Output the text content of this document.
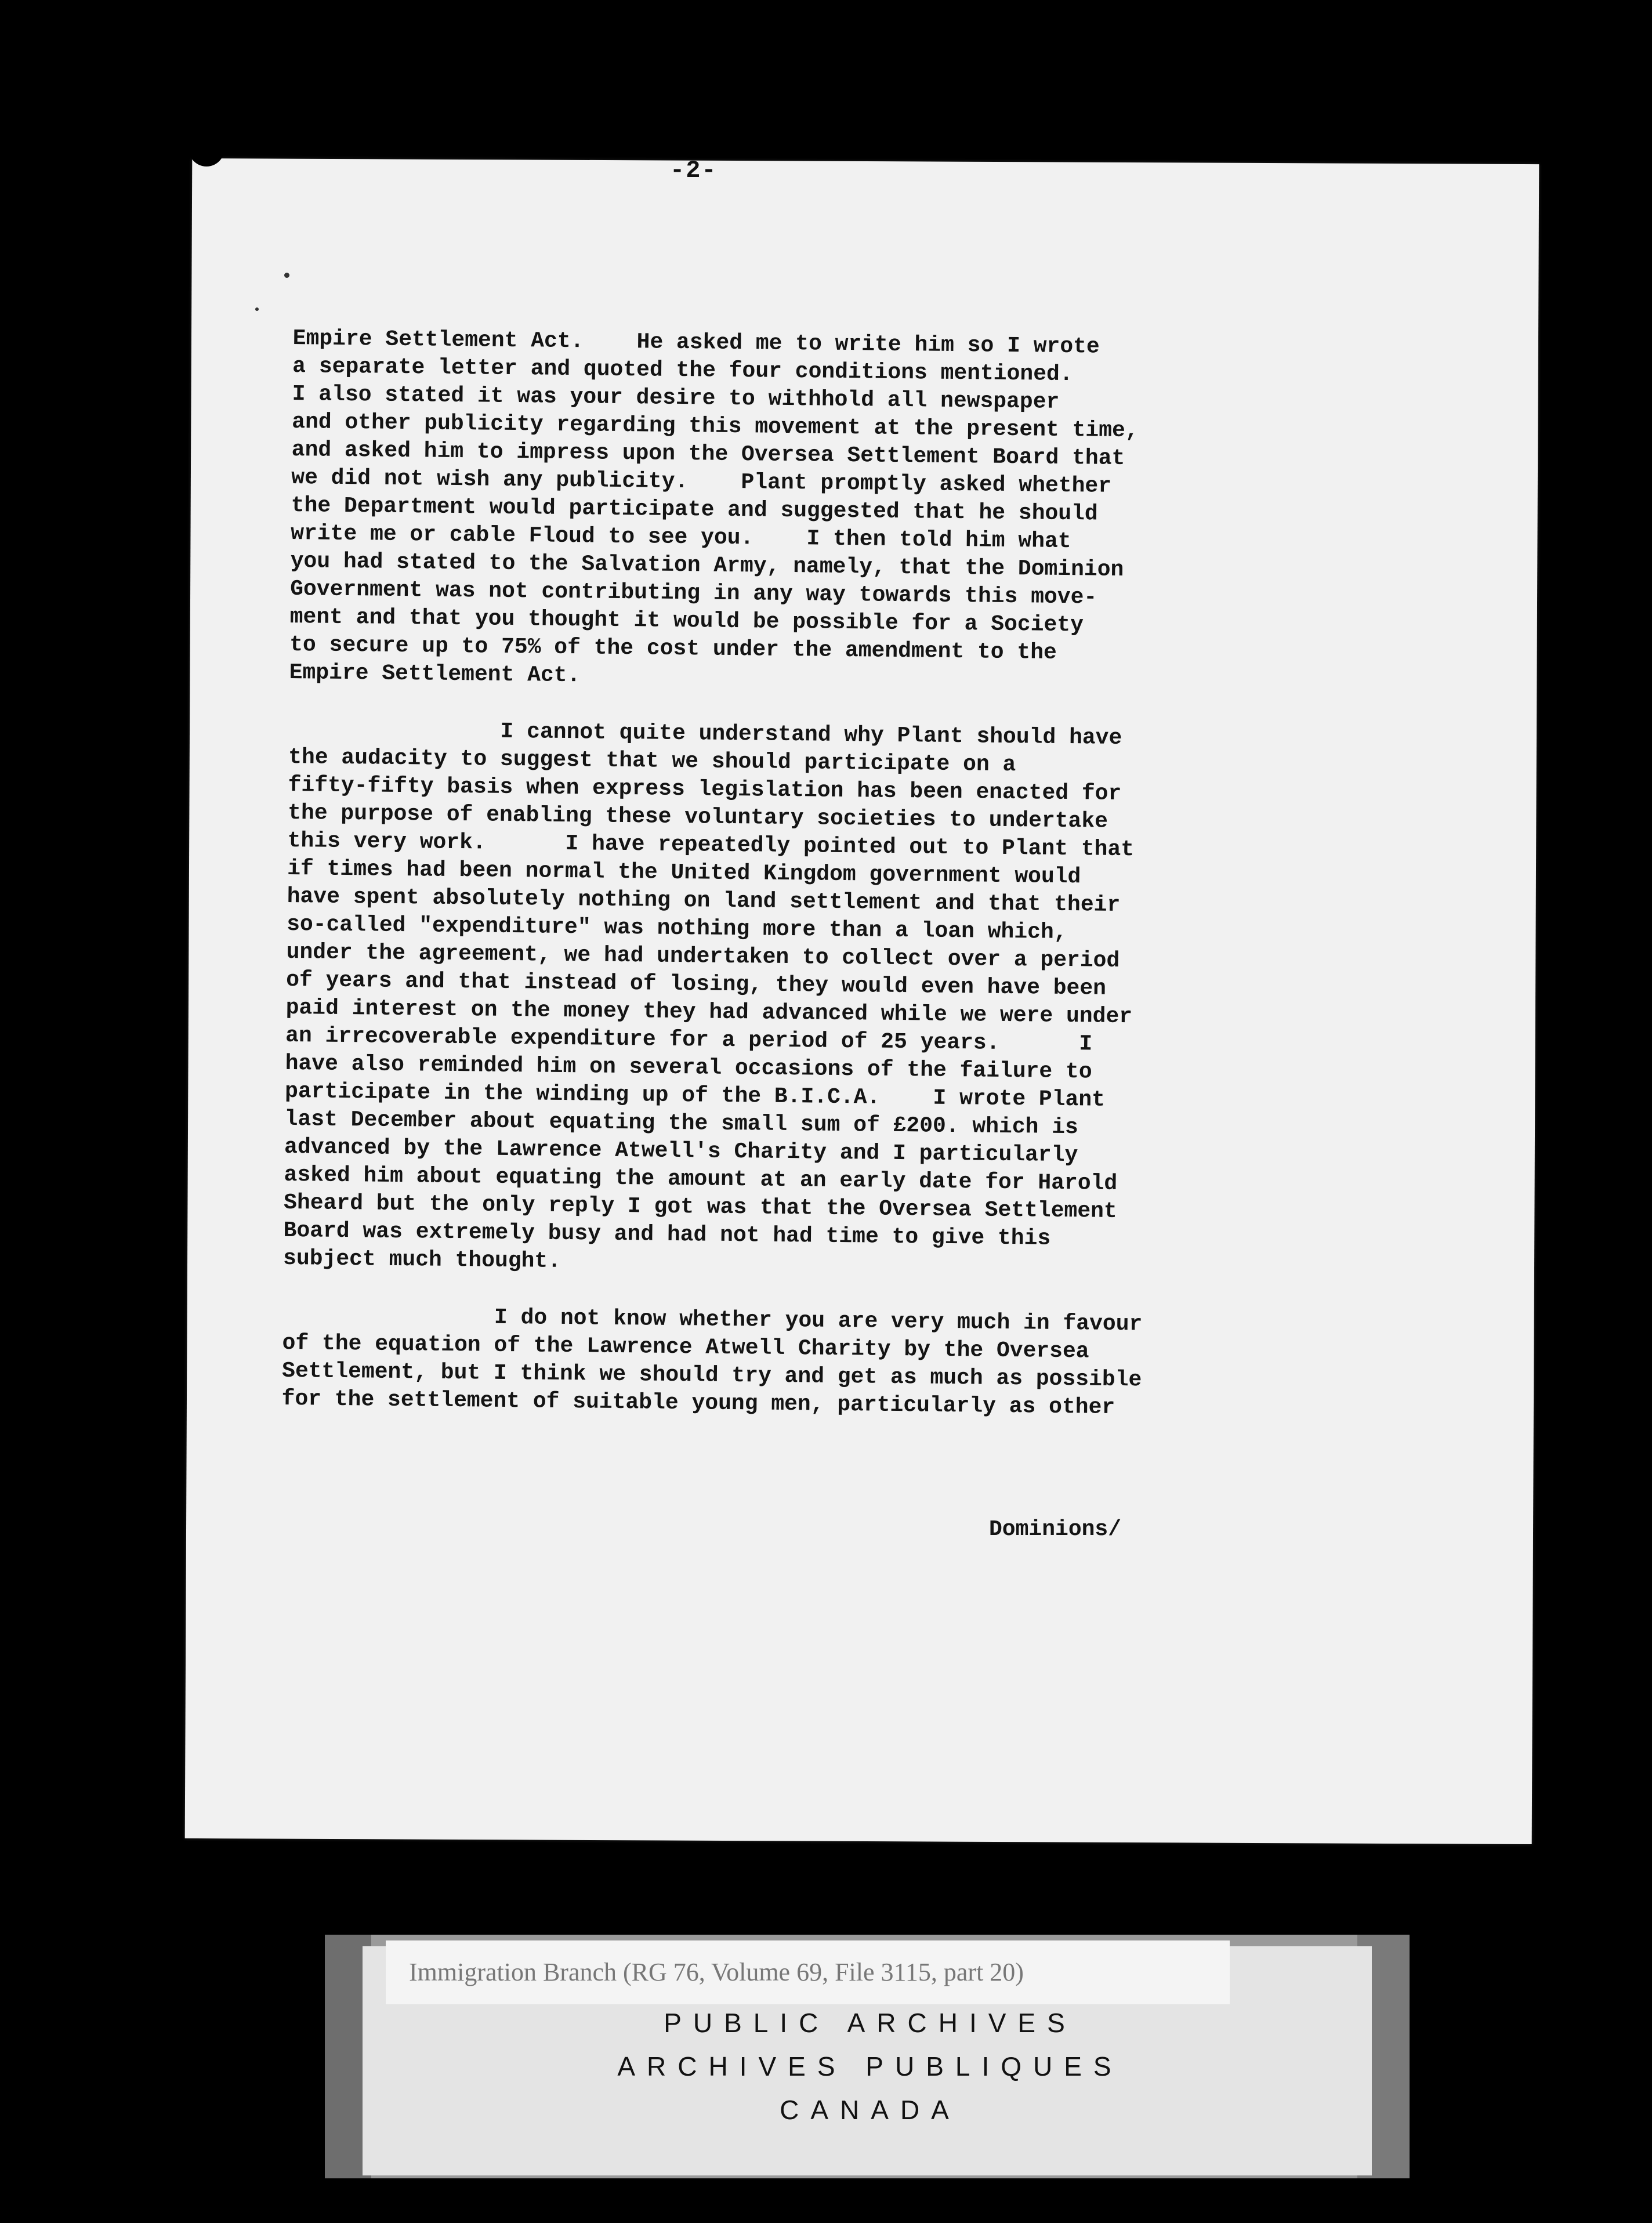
-2-
Empire Settlement Act.    He asked me to write him so I wrote
a separate letter and quoted the four conditions mentioned.
I also stated it was your desire to withhold all newspaper
and other publicity regarding this movement at the present time,
and asked him to impress upon the Oversea Settlement Board that
we did not wish any publicity.    Plant promptly asked whether
the Department would participate and suggested that he should
write me or cable Floud to see you.    I then told him what
you had stated to the Salvation Army, namely, that the Dominion
Government was not contributing in any way towards this move-
ment and that you thought it would be possible for a Society
to secure up to 75% of the cost under the amendment to the
Empire Settlement Act.
I cannot quite understand why Plant should have
the audacity to suggest that we should participate on a
fifty-fifty basis when express legislation has been enacted for
the purpose of enabling these voluntary societies to undertake
this very work.      I have repeatedly pointed out to Plant that
if times had been normal the United Kingdom government would
have spent absolutely nothing on land settlement and that their
so-called "expenditure" was nothing more than a loan which,
under the agreement, we had undertaken to collect over a period
of years and that instead of losing, they would even have been
paid interest on the money they had advanced while we were under
an irrecoverable expenditure for a period of 25 years.      I
have also reminded him on several occasions of the failure to
participate in the winding up of the B.I.C.A.    I wrote Plant
last December about equating the small sum of £200. which is
advanced by the Lawrence Atwell's Charity and I particularly
asked him about equating the amount at an early date for Harold
Sheard but the only reply I got was that the Oversea Settlement
Board was extremely busy and had not had time to give this
subject much thought.
I do not know whether you are very much in favour
of the equation of the Lawrence Atwell Charity by the Oversea
Settlement, but I think we should try and get as much as possible
for the settlement of suitable young men, particularly as other
Dominions/
Immigration Branch (RG 76, Volume 69, File 3115, part 20)
PUBLIC ARCHIVES
ARCHIVES PUBLIQUES
CANADA
